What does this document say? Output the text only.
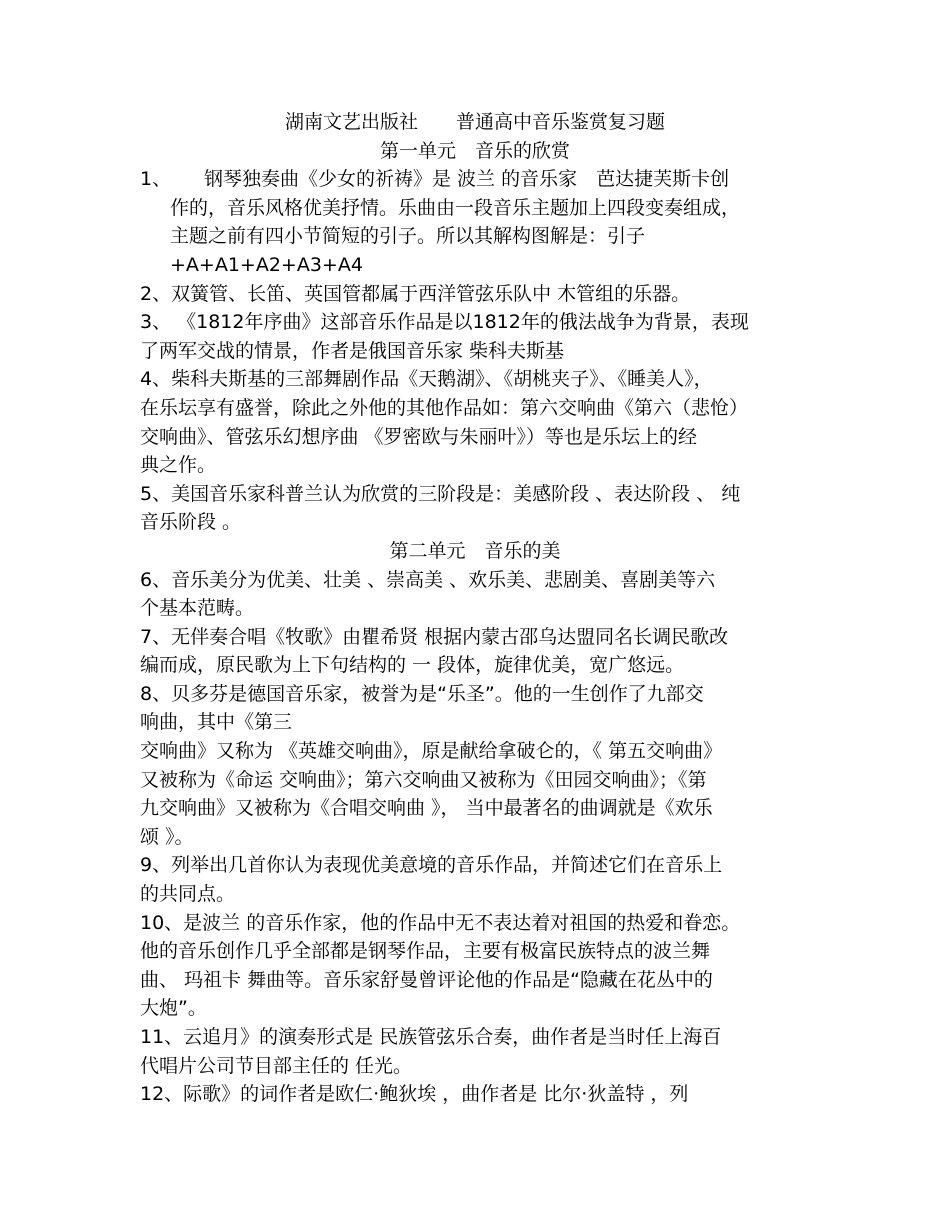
湖南文艺出版社　　普通高中音乐鉴赏复习题
第一单元　音乐的欣赏
1、 钢琴独奏曲《少女的祈祷》是 波兰 的音乐家　芭达捷芙斯卡创
作的，音乐风格优美抒情。乐曲由一段音乐主题加上四段变奏组成，
主题之前有四小节简短的引子。所以其解构图解是：引子
+A+A1+A2+A3+A4
2、双簧管、长笛、英国管都属于西洋管弦乐队中 木管组的乐器。
3、 《1812年序曲》这部音乐作品是以1812年的俄法战争为背景，表现
了两军交战的情景，作者是俄国音乐家 柴科夫斯基
4、柴科夫斯基的三部舞剧作品《天鹅湖》、《胡桃夹子》、《睡美人》，
在乐坛享有盛誉，除此之外他的其他作品如：第六交响曲《第六（悲怆）
交响曲》、管弦乐幻想序曲 《罗密欧与朱丽叶》）等也是乐坛上的经
典之作。
5、美国音乐家科普兰认为欣赏的三阶段是：美感阶段 、表达阶段 、 纯
音乐阶段 。
第二单元　音乐的美
6、音乐美分为优美、壮美 、崇高美 、欢乐美、悲剧美、喜剧美等六
个基本范畴。
7、无伴奏合唱《牧歌》由瞿希贤 根据内蒙古邵乌达盟同名长调民歌改
编而成，原民歌为上下句结构的 一 段体，旋律优美，宽广悠远。
8、贝多芬是德国音乐家，被誉为是“乐圣”。他的一生创作了九部交
响曲，其中《第三
交响曲》又称为 《英雄交响曲》，原是献给拿破仑的，《 第五交响曲》
又被称为《命运 交响曲》；第六交响曲又被称为《田园交响曲》；《第
九交响曲》又被称为《合唱交响曲 》， 当中最著名的曲调就是《欢乐
颂 》。
9、列举出几首你认为表现优美意境的音乐作品，并简述它们在音乐上
的共同点。
10、是波兰 的音乐作家，他的作品中无不表达着对祖国的热爱和眷恋。
他的音乐创作几乎全部都是钢琴作品，主要有极富民族特点的波兰舞
曲、 玛祖卡 舞曲等。音乐家舒曼曾评论他的作品是“隐藏在花丛中的
大炮”。
11、云追月》的演奏形式是 民族管弦乐合奏，曲作者是当时任上海百
代唱片公司节目部主任的 任光。
12、际歌》的词作者是欧仁·鲍狄埃 ，曲作者是 比尔·狄盖特 ，列
